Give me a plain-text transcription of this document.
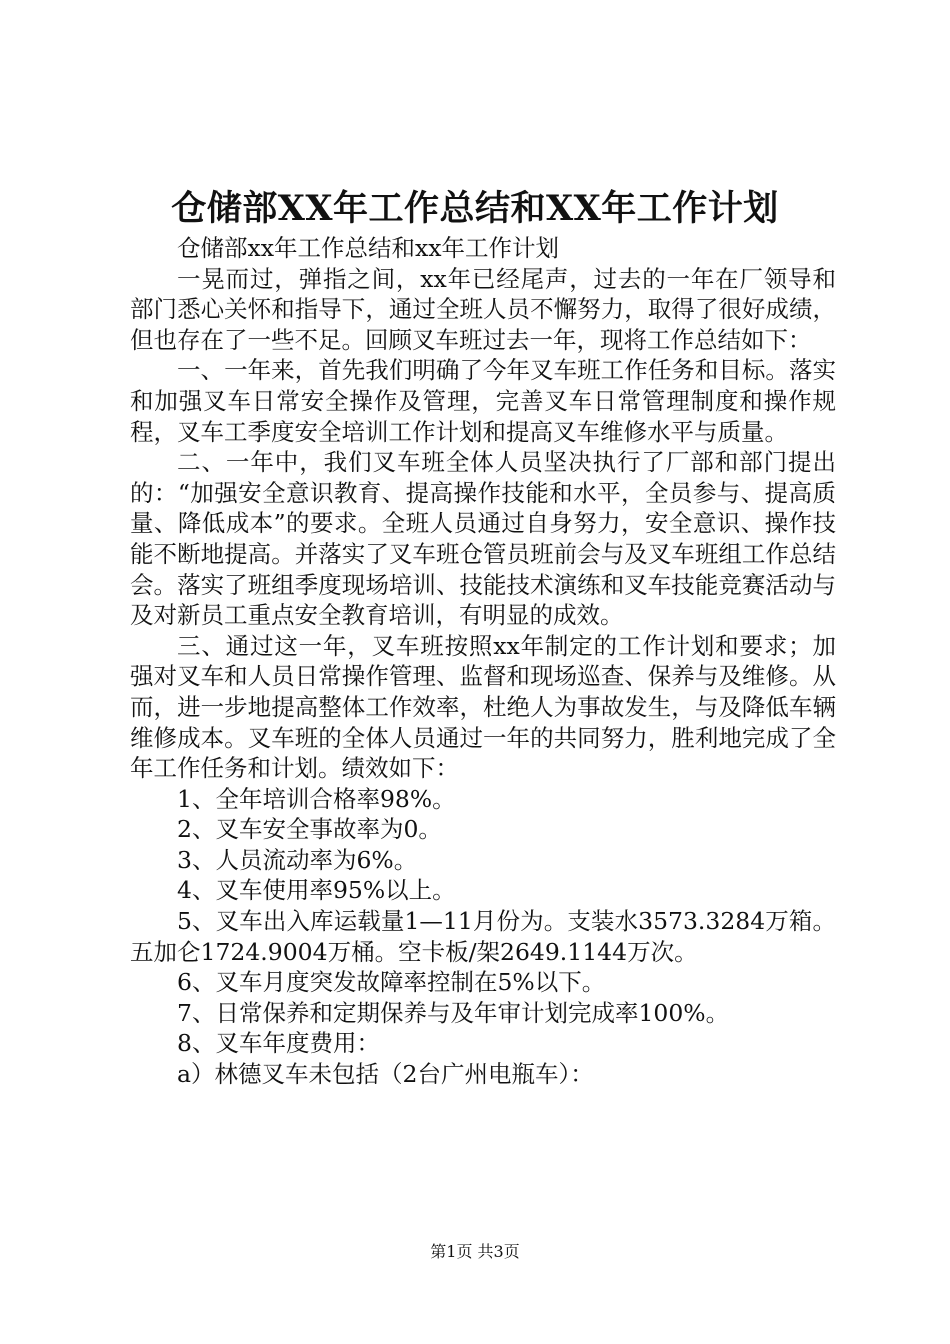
仓储部XX年工作总结和XX年工作计划

仓储部xx年工作总结和xx年工作计划

一晃而过，弹指之间，xx年已经尾声，过去的一年在厂领导和部门悉心关怀和指导下，通过全班人员不懈努力，取得了很好成绩，但也存在了一些不足。回顾叉车班过去一年，现将工作总结如下：

一、一年来，首先我们明确了今年叉车班工作任务和目标。落实和加强叉车日常安全操作及管理，完善叉车日常管理制度和操作规程，叉车工季度安全培训工作计划和提高叉车维修水平与质量。

二、一年中，我们叉车班全体人员坚决执行了厂部和部门提出的：“加强安全意识教育、提高操作技能和水平，全员参与、提高质量、降低成本”的要求。全班人员通过自身努力，安全意识、操作技能不断地提高。并落实了叉车班仓管员班前会与及叉车班组工作总结会。落实了班组季度现场培训、技能技术演练和叉车技能竞赛活动与及对新员工重点安全教育培训，有明显的成效。

三、通过这一年，叉车班按照xx年制定的工作计划和要求；加强对叉车和人员日常操作管理、监督和现场巡查、保养与及维修。从而，进一步地提高整体工作效率，杜绝人为事故发生，与及降低车辆维修成本。叉车班的全体人员通过一年的共同努力，胜利地完成了全年工作任务和计划。绩效如下：

1、全年培训合格率98%。

2、叉车安全事故率为0。

3、人员流动率为6%。

4、叉车使用率95%以上。

5、叉车出入库运载量1—11月份为。支装水3573.3284万箱。五加仑1724.9004万桶。空卡板/架2649.1144万次。

6、叉车月度突发故障率控制在5%以下。

7、日常保养和定期保养与及年审计划完成率100%。

8、叉车年度费用：

a）林德叉车未包括（2台广州电瓶车）：

第1页 共3页
